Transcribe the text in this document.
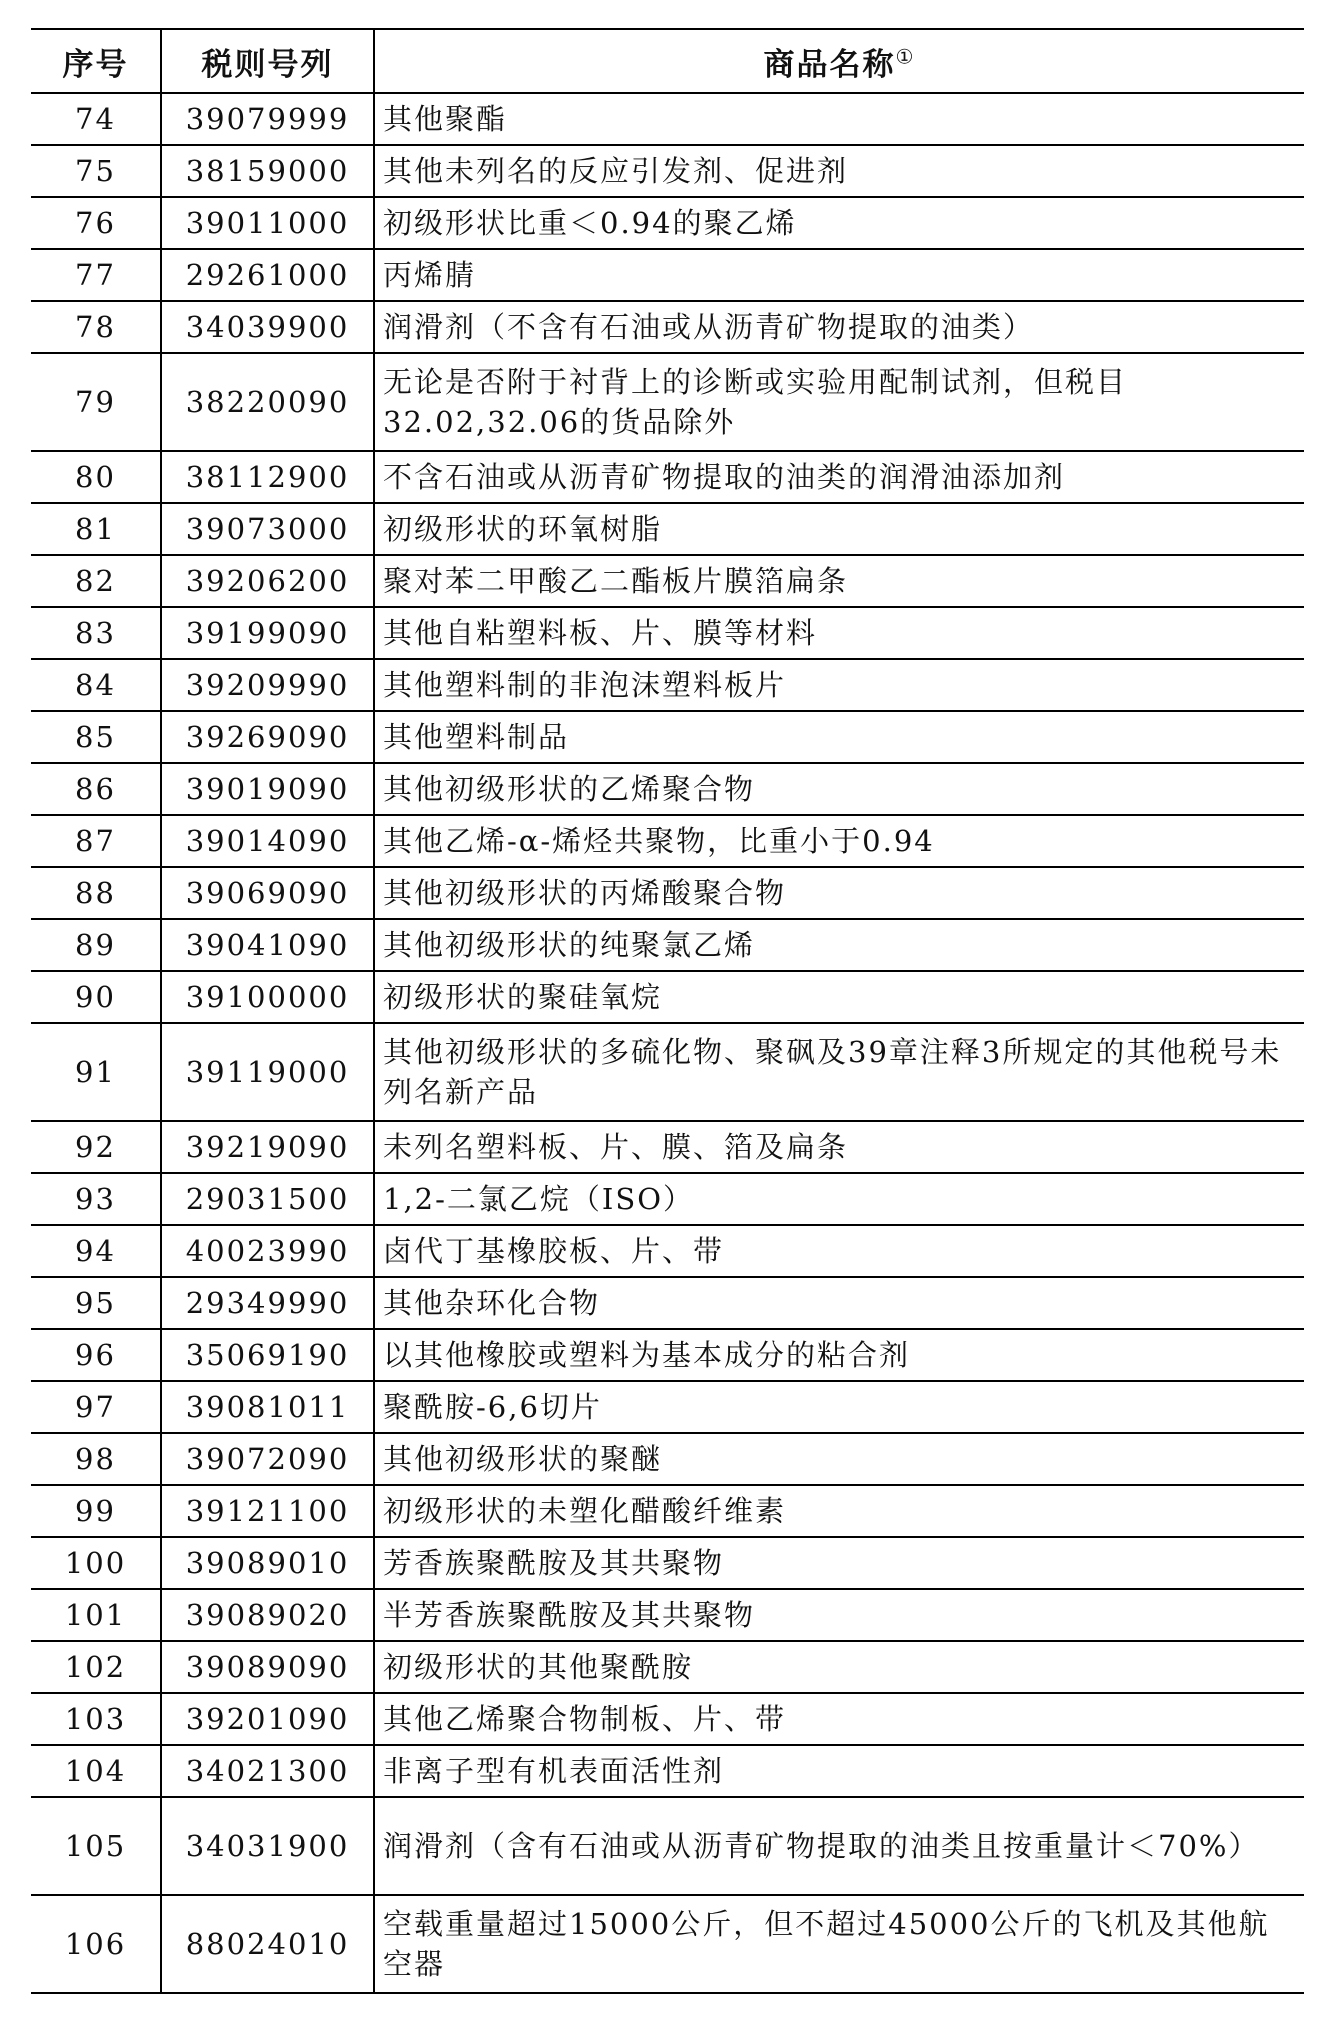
序号	税则号列	商品名称①
74	39079999	其他聚酯
75	38159000	其他未列名的反应引发剂、促进剂
76	39011000	初级形状比重＜0.94的聚乙烯
77	29261000	丙烯腈
78	34039900	润滑剂（不含有石油或从沥青矿物提取的油类）
79	38220090	无论是否附于衬背上的诊断或实验用配制试剂，但税目32.02,32.06的货品除外
80	38112900	不含石油或从沥青矿物提取的油类的润滑油添加剂
81	39073000	初级形状的环氧树脂
82	39206200	聚对苯二甲酸乙二酯板片膜箔扁条
83	39199090	其他自粘塑料板、片、膜等材料
84	39209990	其他塑料制的非泡沫塑料板片
85	39269090	其他塑料制品
86	39019090	其他初级形状的乙烯聚合物
87	39014090	其他乙烯-α-烯烃共聚物，比重小于0.94
88	39069090	其他初级形状的丙烯酸聚合物
89	39041090	其他初级形状的纯聚氯乙烯
90	39100000	初级形状的聚硅氧烷
91	39119000	其他初级形状的多硫化物、聚砜及39章注释3所规定的其他税号未列名新产品
92	39219090	未列名塑料板、片、膜、箔及扁条
93	29031500	1,2-二氯乙烷（ISO）
94	40023990	卤代丁基橡胶板、片、带
95	29349990	其他杂环化合物
96	35069190	以其他橡胶或塑料为基本成分的粘合剂
97	39081011	聚酰胺-6,6切片
98	39072090	其他初级形状的聚醚
99	39121100	初级形状的未塑化醋酸纤维素
100	39089010	芳香族聚酰胺及其共聚物
101	39089020	半芳香族聚酰胺及其共聚物
102	39089090	初级形状的其他聚酰胺
103	39201090	其他乙烯聚合物制板、片、带
104	34021300	非离子型有机表面活性剂
105	34031900	润滑剂（含有石油或从沥青矿物提取的油类且按重量计＜70%）
106	88024010	空载重量超过15000公斤，但不超过45000公斤的飞机及其他航空器
